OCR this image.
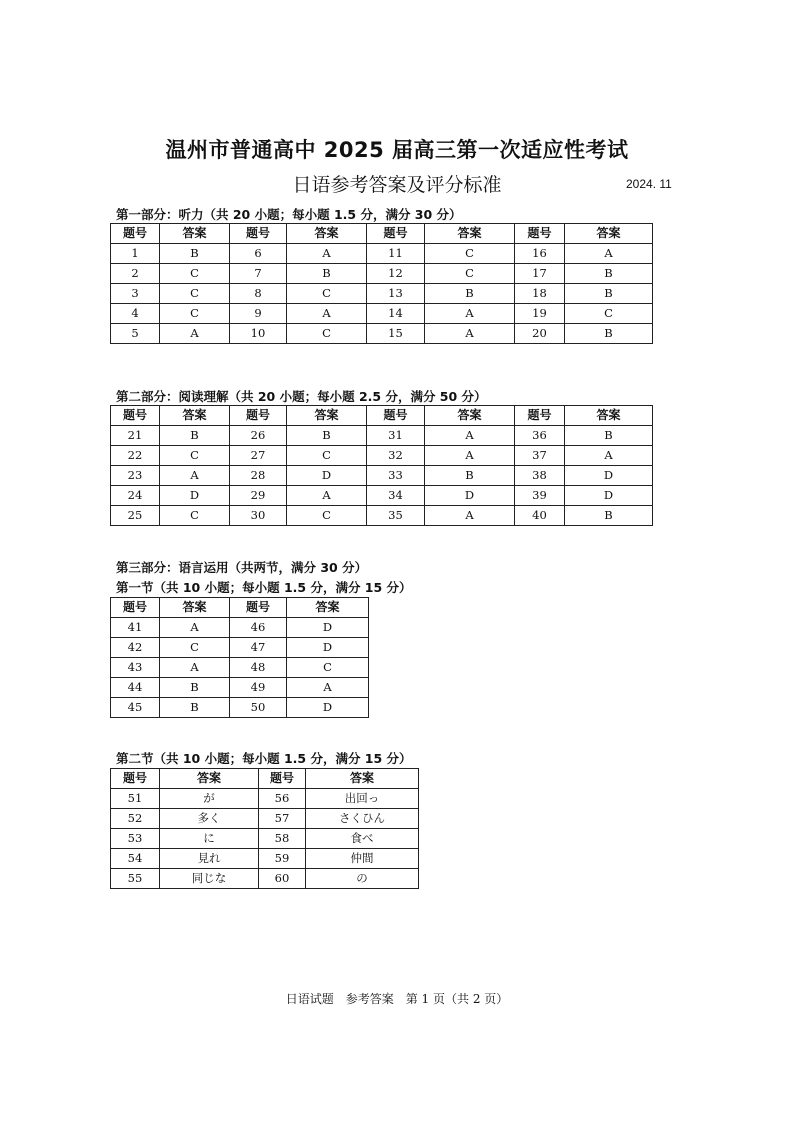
温州市普通高中 2025 届高三第一次适应性考试
日语参考答案及评分标准	2024. 11
第一部分：听力（共 20 小题；每小题 1.5 分，满分 30 分）
题号	答案	题号	答案	题号	答案	题号	答案
1	B	6	A	11	C	16	A
2	C	7	B	12	C	17	B
3	C	8	C	13	B	18	B
4	C	9	A	14	A	19	C
5	A	10	C	15	A	20	B
第二部分：阅读理解（共 20 小题；每小题 2.5 分，满分 50 分）
题号	答案	题号	答案	题号	答案	题号	答案
21	B	26	B	31	A	36	B
22	C	27	C	32	A	37	A
23	A	28	D	33	B	38	D
24	D	29	A	34	D	39	D
25	C	30	C	35	A	40	B
第三部分：语言运用（共两节，满分 30 分）
第一节（共 10 小题；每小题 1.5 分，满分 15 分）
题号	答案	题号	答案
41	A	46	D
42	C	47	D
43	A	48	C
44	B	49	A
45	B	50	D
第二节（共 10 小题；每小题 1.5 分，满分 15 分）
题号	答案	题号	答案
51	が	56	出回っ
52	多く	57	さくひん
53	に	58	食べ
54	見れ	59	仲間
55	同じな	60	の
日语试题　参考答案　第 1 页（共 2 页）
